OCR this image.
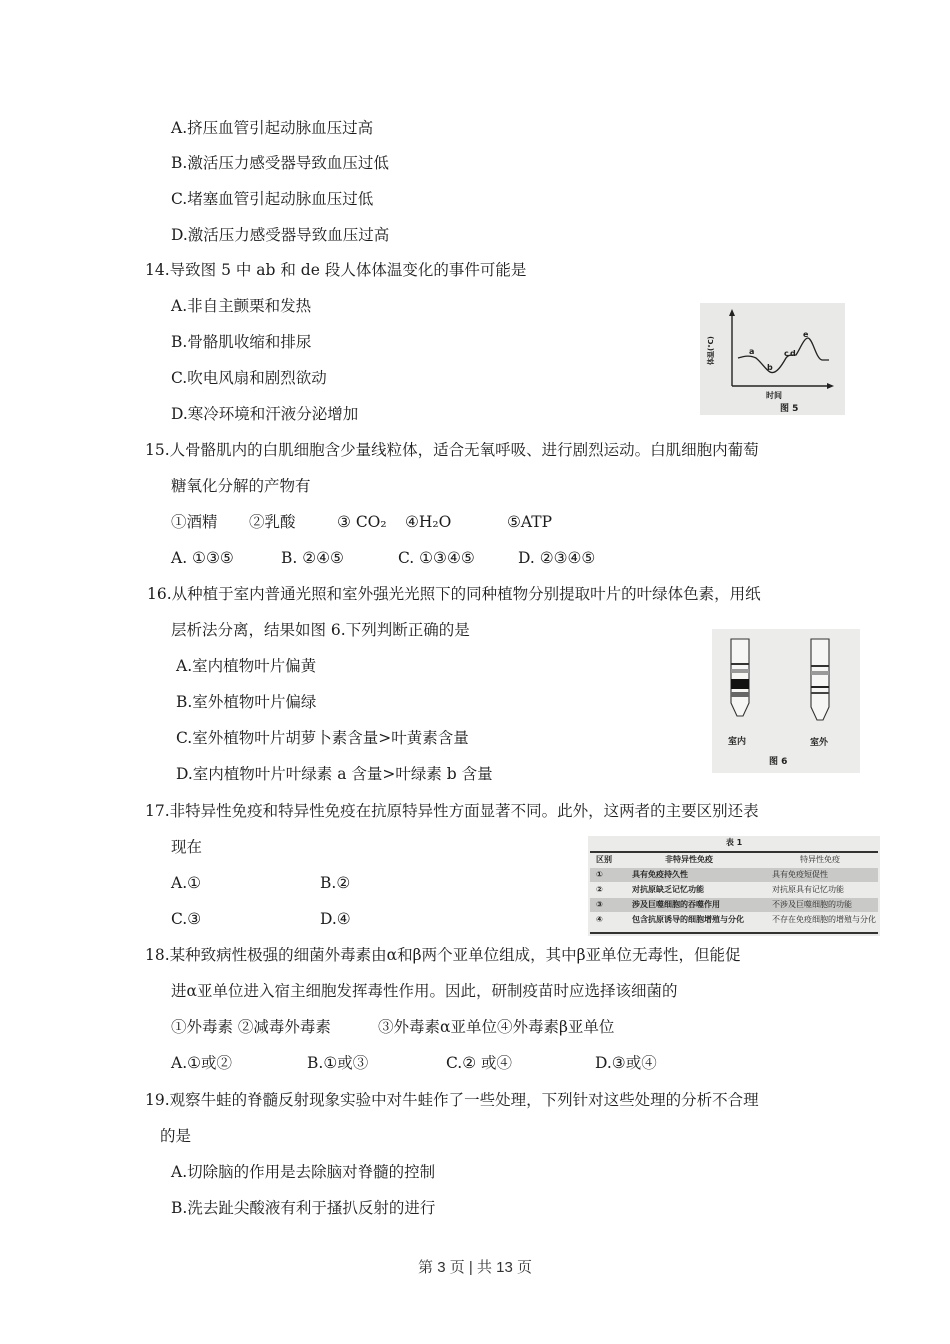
A.挤压血管引起动脉血压过高
B.激活压力感受器导致血压过低
C.堵塞血管引起动脉血压过低
D.激活压力感受器导致血压过高
14.导致图 5 中 ab 和 de 段人体体温变化的事件可能是
A.非自主颤栗和发热
B.骨骼肌收缩和排尿
C.吹电风扇和剧烈欲动
D.寒冷环境和汗液分泌增加
a
b
c d
e
体温(℃)
时间
图 5
15.人骨骼肌内的白肌细胞含少量线粒体，适合无氧呼吸、进行剧烈运动。白肌细胞内葡萄
糖氧化分解的产物有
①酒精 ②乳酸	③ CO₂ ④H₂O	⑤ATP
A. ①③⑤	B. ②④⑤	C. ①③④⑤	D. ②③④⑤
16.从种植于室内普通光照和室外强光光照下的同种植物分别提取叶片的叶绿体色素，用纸
层析法分离，结果如图 6.下列判断正确的是
A.室内植物叶片偏黄
B.室外植物叶片偏绿
C.室外植物叶片胡萝卜素含量>叶黄素含量
D.室内植物叶片叶绿素 a 含量>叶绿素 b 含量
室内	室外
图 6
17.非特异性免疫和特异性免疫在抗原特异性方面显著不同。此外，这两者的主要区别还表
现在
A.①	B.②
C.③	D.④
表 1
区别	非特异性免疫	特异性免疫
①	具有免疫持久性	具有免疫短促性
②	对抗原缺乏记忆功能	对抗原具有记忆功能
③	涉及巨噬细胞的吞噬作用	不涉及巨噬细胞的功能
④	包含抗原诱导的细胞增殖与分化	不存在免疫细胞的增殖与分化
18.某种致病性极强的细菌外毒素由α和β两个亚单位组成，其中β亚单位无毒性，但能促
进α亚单位进入宿主细胞发挥毒性作用。因此，研制疫苗时应选择该细菌的
①外毒素 ②减毒外毒素	③外毒素α亚单位④外毒素β亚单位
A.①或②	B.①或③	C.② 或④	D.③或④
19.观察牛蛙的脊髓反射现象实验中对牛蛙作了一些处理，下列针对这些处理的分析不合理
的是
A.切除脑的作用是去除脑对脊髓的控制
B.洗去趾尖酸液有利于搔扒反射的进行
第 3 页 | 共 13 页
